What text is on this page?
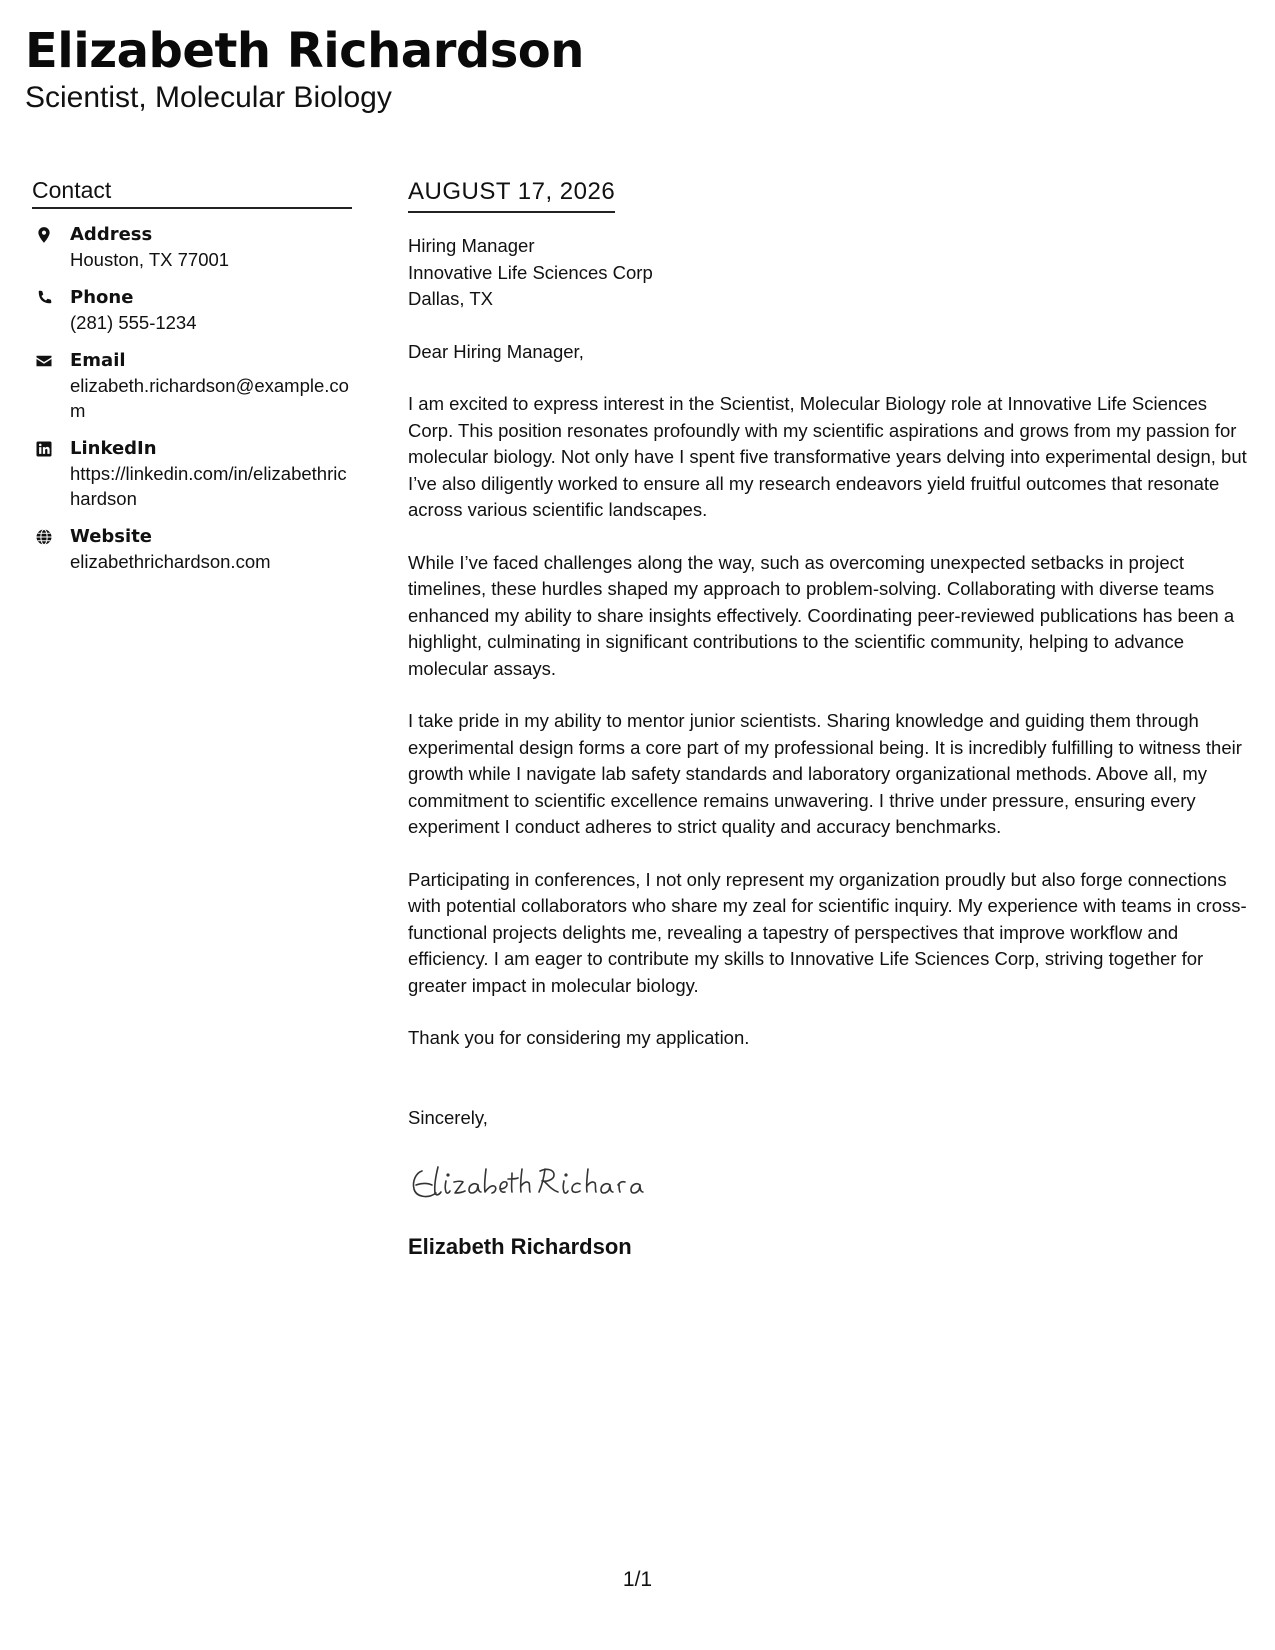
Elizabeth Richardson
Scientist, Molecular Biology
Contact
Address
Houston, TX 77001
Phone
(281) 555-1234
Email
elizabeth.richardson@example.com
LinkedIn
https://linkedin.com/in/elizabethrichardson
Website
elizabethrichardson.com
AUGUST 17, 2026
Hiring Manager
Innovative Life Sciences Corp
Dallas, TX
Dear Hiring Manager,
I am excited to express interest in the Scientist, Molecular Biology role at Innovative Life Sciences Corp. This position resonates profoundly with my scientific aspirations and grows from my passion for molecular biology. Not only have I spent five transformative years delving into experimental design, but I’ve also diligently worked to ensure all my research endeavors yield fruitful outcomes that resonate across various scientific landscapes.
While I’ve faced challenges along the way, such as overcoming unexpected setbacks in project timelines, these hurdles shaped my approach to problem-solving. Collaborating with diverse teams enhanced my ability to share insights effectively. Coordinating peer-reviewed publications has been a highlight, culminating in significant contributions to the scientific community, helping to advance molecular assays.
I take pride in my ability to mentor junior scientists. Sharing knowledge and guiding them through experimental design forms a core part of my professional being. It is incredibly fulfilling to witness their growth while I navigate lab safety standards and laboratory organizational methods. Above all, my commitment to scientific excellence remains unwavering. I thrive under pressure, ensuring every experiment I conduct adheres to strict quality and accuracy benchmarks.
Participating in conferences, I not only represent my organization proudly but also forge connections with potential collaborators who share my zeal for scientific inquiry. My experience with teams in cross-functional projects delights me, revealing a tapestry of perspectives that improve workflow and efficiency. I am eager to contribute my skills to Innovative Life Sciences Corp, striving together for greater impact in molecular biology.
Thank you for considering my application.
Sincerely,
Elizabeth Richardson
1/1
